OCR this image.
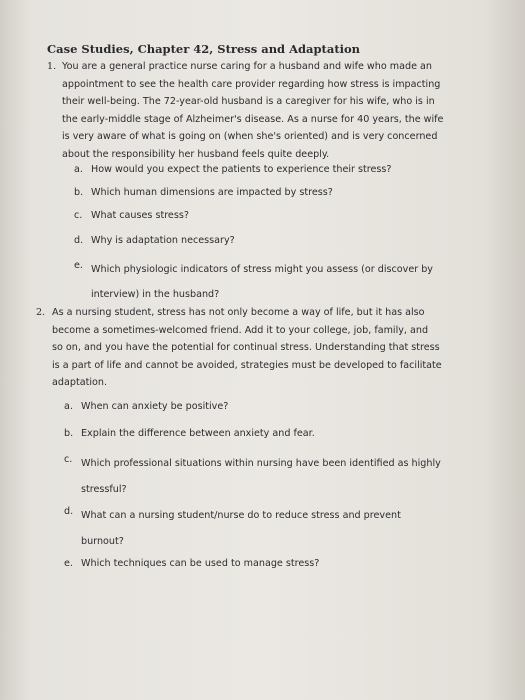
Case Studies, Chapter 42, Stress and Adaptation
1. You are a general practice nurse caring for a husband and wife who made an
appointment to see the health care provider regarding how stress is impacting
their well-being. The 72-year-old husband is a caregiver for his wife, who is in
the early-middle stage of Alzheimer's disease. As a nurse for 40 years, the wife
is very aware of what is going on (when she's oriented) and is very concerned
about the responsibility her husband feels quite deeply.
a. How would you expect the patients to experience their stress?
b. Which human dimensions are impacted by stress?
c. What causes stress?
d. Why is adaptation necessary?
e. Which physiologic indicators of stress might you assess (or discover by
interview) in the husband?
2. As a nursing student, stress has not only become a way of life, but it has also
become a sometimes-welcomed friend. Add it to your college, job, family, and
so on, and you have the potential for continual stress. Understanding that stress
is a part of life and cannot be avoided, strategies must be developed to facilitate
adaptation.
a. When can anxiety be positive?
b. Explain the difference between anxiety and fear.
c. Which professional situations within nursing have been identified as highly
stressful?
d. What can a nursing student/nurse do to reduce stress and prevent
burnout?
e. Which techniques can be used to manage stress?
